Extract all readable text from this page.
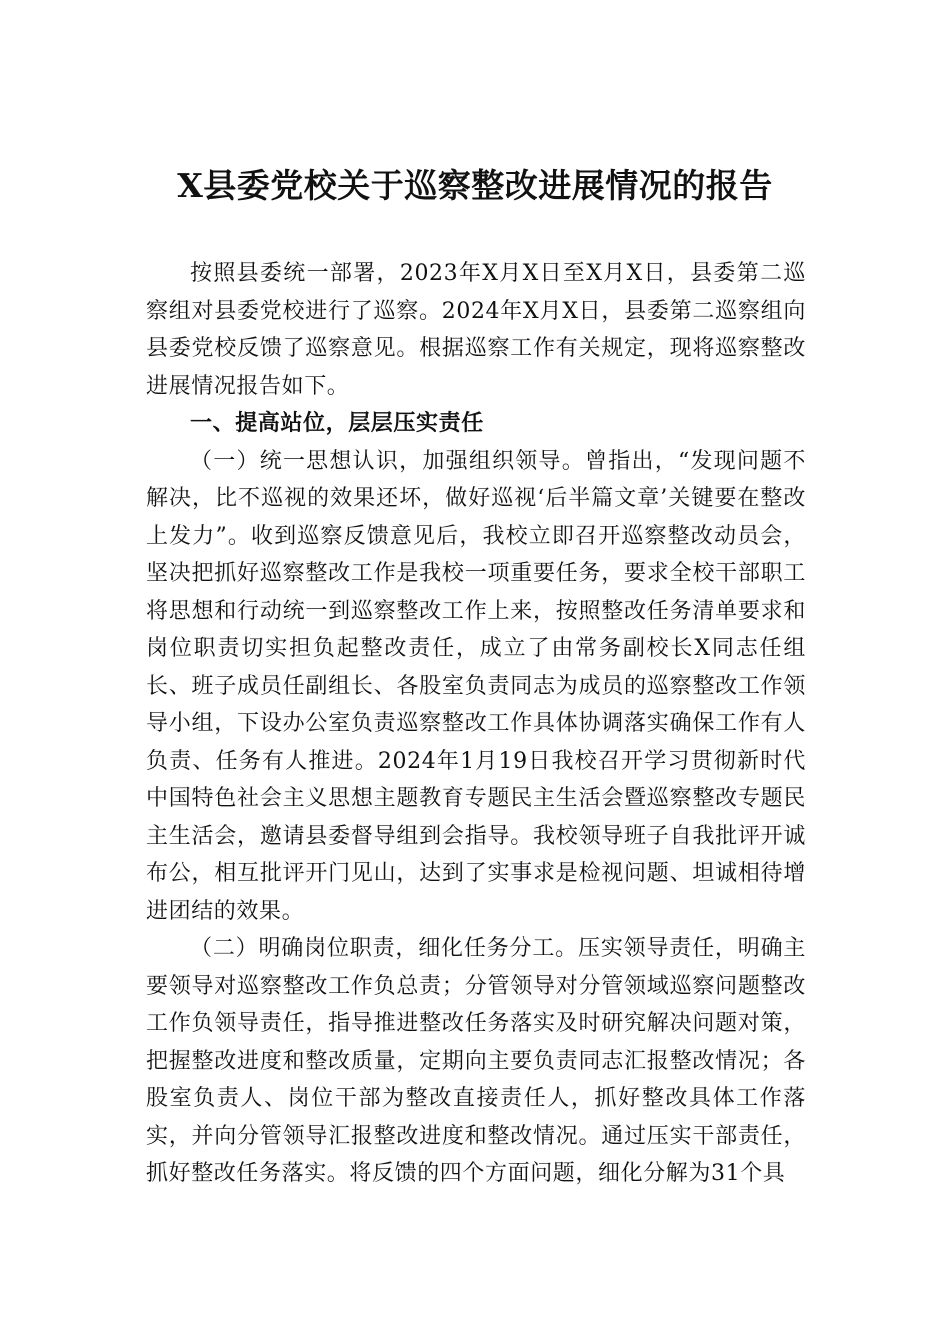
X县委党校关于巡察整改进展情况的报告

按照县委统一部署，2023年X月X日至X月X日，县委第二巡察组对县委党校进行了巡察。2024年X月X日，县委第二巡察组向县委党校反馈了巡察意见。根据巡察工作有关规定，现将巡察整改进展情况报告如下。

一、提高站位，层层压实责任

（一）统一思想认识，加强组织领导。曾指出，“发现问题不解决，比不巡视的效果还坏，做好巡视‘后半篇文章’关键要在整改上发力”。收到巡察反馈意见后，我校立即召开巡察整改动员会，坚决把抓好巡察整改工作是我校一项重要任务，要求全校干部职工将思想和行动统一到巡察整改工作上来，按照整改任务清单要求和岗位职责切实担负起整改责任，成立了由常务副校长X同志任组长、班子成员任副组长、各股室负责同志为成员的巡察整改工作领导小组，下设办公室负责巡察整改工作具体协调落实确保工作有人负责、任务有人推进。2024年1月19日我校召开学习贯彻新时代中国特色社会主义思想主题教育专题民主生活会暨巡察整改专题民主生活会，邀请县委督导组到会指导。我校领导班子自我批评开诚布公，相互批评开门见山，达到了实事求是检视问题、坦诚相待增进团结的效果。

（二）明确岗位职责，细化任务分工。压实领导责任，明确主要领导对巡察整改工作负总责；分管领导对分管领域巡察问题整改工作负领导责任，指导推进整改任务落实及时研究解决问题对策，把握整改进度和整改质量，定期向主要负责同志汇报整改情况；各股室负责人、岗位干部为整改直接责任人，抓好整改具体工作落实，并向分管领导汇报整改进度和整改情况。通过压实干部责任，抓好整改任务落实。将反馈的四个方面问题，细化分解为31个具
